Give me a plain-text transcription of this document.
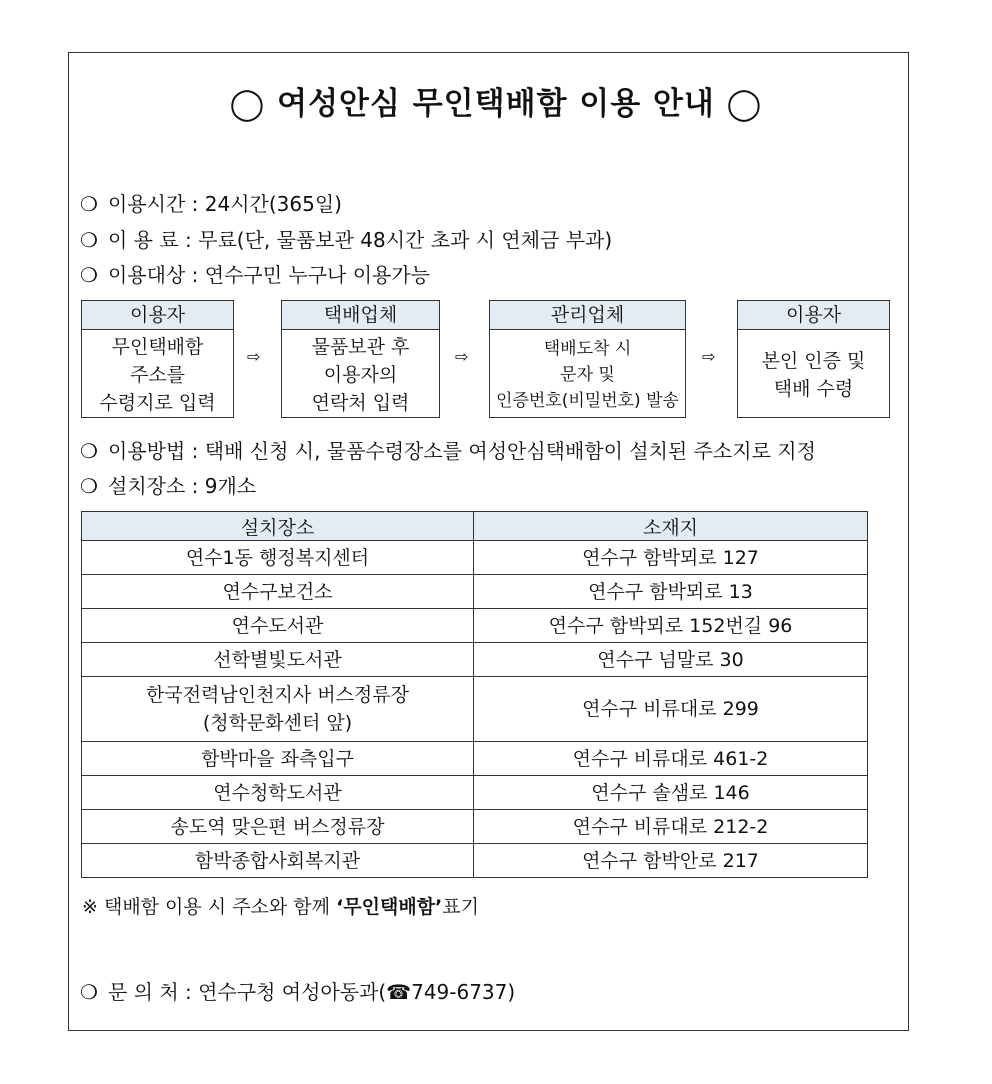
◯ 여성안심 무인택배함 이용 안내 ◯
❍ 이용시간 : 24시간(365일)
❍ 이 용 료 : 무료(단, 물품보관 48시간 초과 시 연체금 부과)
❍ 이용대상 : 연수구민 누구나 이용가능
이용자
무인택배함
주소를
수령지로 입력
⇨
택배업체
물품보관 후
이용자의
연락처 입력
⇨
관리업체
택배도착 시
문자 및
인증번호(비밀번호) 발송
⇨
이용자
본인 인증 및
택배 수령
❍ 이용방법 : 택배 신청 시, 물품수령장소를 여성안심택배함이 설치된 주소지로 지정
❍ 설치장소 : 9개소
설치장소	소재지
연수1동 행정복지센터	연수구 함박뫼로 127
연수구보건소	연수구 함박뫼로 13
연수도서관	연수구 함박뫼로 152번길 96
선학별빛도서관	연수구 넘말로 30
한국전력남인천지사 버스정류장
(청학문화센터 앞)	연수구 비류대로 299
함박마을 좌측입구	연수구 비류대로 461-2
연수청학도서관	연수구 솔샘로 146
송도역 맞은편 버스정류장	연수구 비류대로 212-2
함박종합사회복지관	연수구 함박안로 217
※ 택배함 이용 시 주소와 함께 ‘무인택배함’표기
❍ 문 의 처 : 연수구청 여성아동과(☎749-6737)
